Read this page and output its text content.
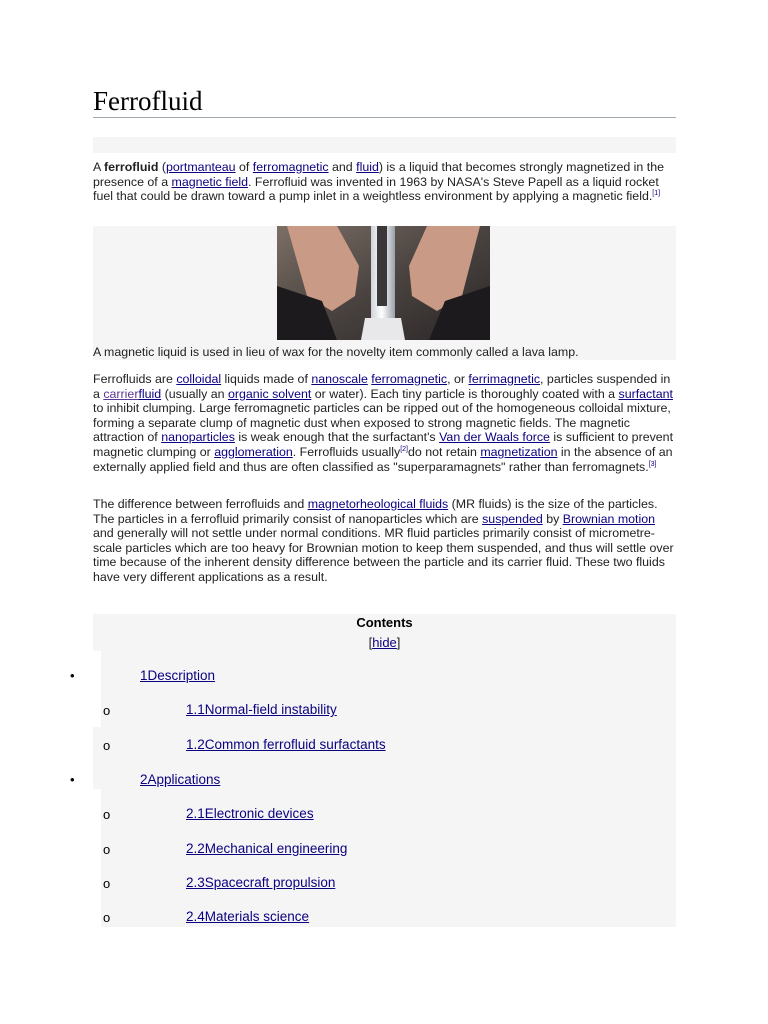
Ferrofluid

A ferrofluid (portmanteau of ferromagnetic and fluid) is a liquid that becomes strongly magnetized in the presence of a magnetic field. Ferrofluid was invented in 1963 by NASA's Steve Papell as a liquid rocket fuel that could be drawn toward a pump inlet in a weightless environment by applying a magnetic field.[1]

A magnetic liquid is used in lieu of wax for the novelty item commonly called a lava lamp.

Ferrofluids are colloidal liquids made of nanoscale ferromagnetic, or ferrimagnetic, particles suspended in a carrierfluid (usually an organic solvent or water). Each tiny particle is thoroughly coated with a surfactant to inhibit clumping. Large ferromagnetic particles can be ripped out of the homogeneous colloidal mixture, forming a separate clump of magnetic dust when exposed to strong magnetic fields. The magnetic attraction of nanoparticles is weak enough that the surfactant's Van der Waals force is sufficient to prevent magnetic clumping or agglomeration. Ferrofluids usually[2]do not retain magnetization in the absence of an externally applied field and thus are often classified as "superparamagnets" rather than ferromagnets.[3]

The difference between ferrofluids and magnetorheological fluids (MR fluids) is the size of the particles. The particles in a ferrofluid primarily consist of nanoparticles which are suspended by Brownian motion and generally will not settle under normal conditions. MR fluid particles primarily consist of micrometre-scale particles which are too heavy for Brownian motion to keep them suspended, and thus will settle over time because of the inherent density difference between the particle and its carrier fluid. These two fluids have very different applications as a result.

Contents
[hide]
1Description
1.1Normal-field instability
1.2Common ferrofluid surfactants
2Applications
2.1Electronic devices
2.2Mechanical engineering
2.3Spacecraft propulsion
2.4Materials science
•
o
o
•
o
o
o
o
